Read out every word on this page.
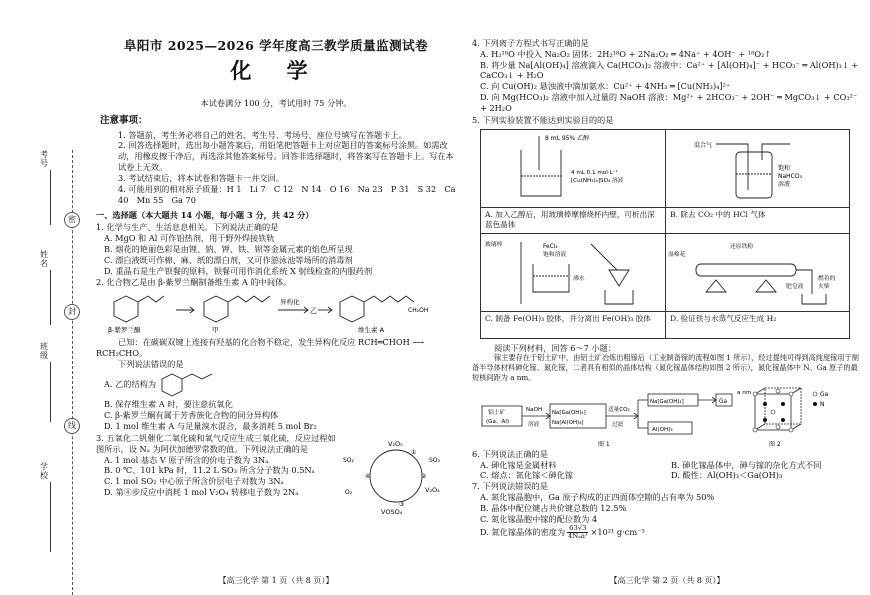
考号
姓名
班级
学校
密
封
线
阜阳市 2025—2026 学年度高三教学质量监测试卷
化 学
本试卷满分 100 分，考试用时 75 分钟。
注意事项：
1. 答题前，考生务必将自己的姓名、考生号、考场号、座位号填写在答题卡上。
2. 回答选择题时，选出每小题答案后，用铅笔把答题卡上对应题目的答案标号涂黑。如需改动，用橡皮擦干净后，再选涂其他答案标号。回答非选择题时，将答案写在答题卡上。写在本试卷上无效。
3. 考试结束后，将本试卷和答题卡一并交回。
4. 可能用到的相对原子质量：H 1　Li 7　C 12　N 14　O 16　Na 23　P 31　S 32　Ca 40　Mn 55　Ga 70
一、选择题（本大题共 14 小题，每小题 3 分，共 42 分）
1. 化学与生产、生活息息相关。下列说法正确的是
A. MgO 和 Al 可作铝热剂，用于野外焊接铁轨
B. 烟花的艳丽色彩是由锂、钠、钾、铁、钡等金属元素的焰色所呈现
C. 漂白液既可作棉、麻、纸的漂白剂，又可作游泳池等场所的消毒剂
D. 重晶石是生产钡餐的原料，钡餐可用作消化系统 X 射线检查的内服药剂
2. 化合物乙是由 β-紫罗兰酮制备维生素 A 的中间体。
β-紫罗兰酮	甲
异构化
乙
维生素 A
CH₂OH
已知：在碳碳双键上连接有羟基的化合物不稳定，发生异构化反应 RCH═CHOH ⟶ RCH₂CHO。
下列说法错误的是
A. 乙的结构为
B. 保存维生素 A 时，要注意抗氧化
C. β-紫罗兰酮有属于芳香族化合物的同分异构体
D. 1 mol 维生素 A 与足量溴水混合，最多消耗 5 mol Br₂
3. 五氧化二钒催化二氧化硫和氧气反应生成三氧化硫，反应过程如图所示，设 Nₐ 为阿伏加德罗常数的值。下列说法正确的是
A. 1 mol 基态 V 原子所含的价电子数为 3Nₐ
B. 0 ℃、101 kPa 时，11.2 L SO₃ 所含分子数为 0.5Nₐ
C. 1 mol SO₂ 中心原子所含价层电子对数为 3Nₐ
D. 第④步反应中消耗 1 mol V₂O₄ 转移电子数为 2Nₐ
V₂O₅
SO₂	SO₃
V₂O₄
O₂
VOSO₄
①
②
③
④
【高三化学 第 1 页（共 8 页）】
4. 下列离子方程式书写正确的是
A. H₂¹⁸O 中投入 Na₂O₂ 固体：2H₂¹⁸O + 2Na₂O₂ ═ 4Na⁺ + 4OH⁻ + ¹⁸O₂↑
B. 将少量 Na[Al(OH)₄] 溶液滴入 Ca(HCO₃)₂ 溶液中：Ca²⁺ + [Al(OH)₄]⁻ + HCO₃⁻ ═ Al(OH)₃↓ + CaCO₃↓ + H₂O
C. 向 Cu(OH)₂ 悬浊液中滴加氨水：Cu²⁺ + 4NH₃ ═ [Cu(NH₃)₄]²⁺
D. 向 Mg(HCO₃)₂ 溶液中加入过量的 NaOH 溶液：Mg²⁺ + 2HCO₃⁻ + 2OH⁻ ═ MgCO₃↓ + CO₃²⁻ + 2H₂O
5. 下列实验装置不能达到实验目的的是
8 mL 95% 乙醇
4 mL 0.1 mol·L⁻¹
[Cu(NH₃)₄]SO₄ 溶液
混合气
饱和
NaHCO₃
溶液
A. 加入乙醇后，用玻璃棒摩擦烧杯内壁，可析出深蓝色晶体
B. 除去 CO₂ 中的 HCl 气体
玻璃棒	FeCl₃
饱和溶液
沸水
湿棉花
还原铁粉
肥皂液
燃着的
火柴
C. 制备 Fe(OH)₃ 胶体，并分离出 Fe(OH)₃ 胶体	D. 验证铁与水蒸气反应生成 H₂
阅读下列材料，回答 6～7 小题：
镓主要存在于铝土矿中，由铝土矿冶炼出粗镓后（工业制备镓的流程如图 1 所示），经过提纯可得到高纯度镓用于制备半导体材料砷化镓、氮化镓，二者具有相似的晶体结构（氮化镓晶体结构如图 2 所示），氮化镓晶体中 N、Ga 原子的最短核间距为 a nm。
铝土矿
(Ga、Al)
NaOH
溶液
Na[Ga(OH)₄]
Na[Al(OH)₄]
适量CO₂
过滤
Na[Ga(OH)₄]
Al(OH)₃
Ga
图 1
Ga
N
a nm
图 2
6. 下列说法正确的是
A. 砷化镓是金属材料	B. 砷化镓晶体中，砷与镓的杂化方式不同
C. 熔点：氮化镓＜砷化镓	D. 酸性：Al(OH)₃＜Ga(OH)₃
7. 下列说法错误的是
A. 氮化镓晶胞中，Ga 原子构成的正四面体空隙的占有率为 50%
B. 晶体中配位键占共价键总数的 12.5%
C. 氮化镓晶胞中镓的配位数为 4
D. 氮化镓晶体的密度为 63√3
4Nₐa³ ×10²¹ g·cm⁻³
【高三化学 第 2 页（共 8 页）】
